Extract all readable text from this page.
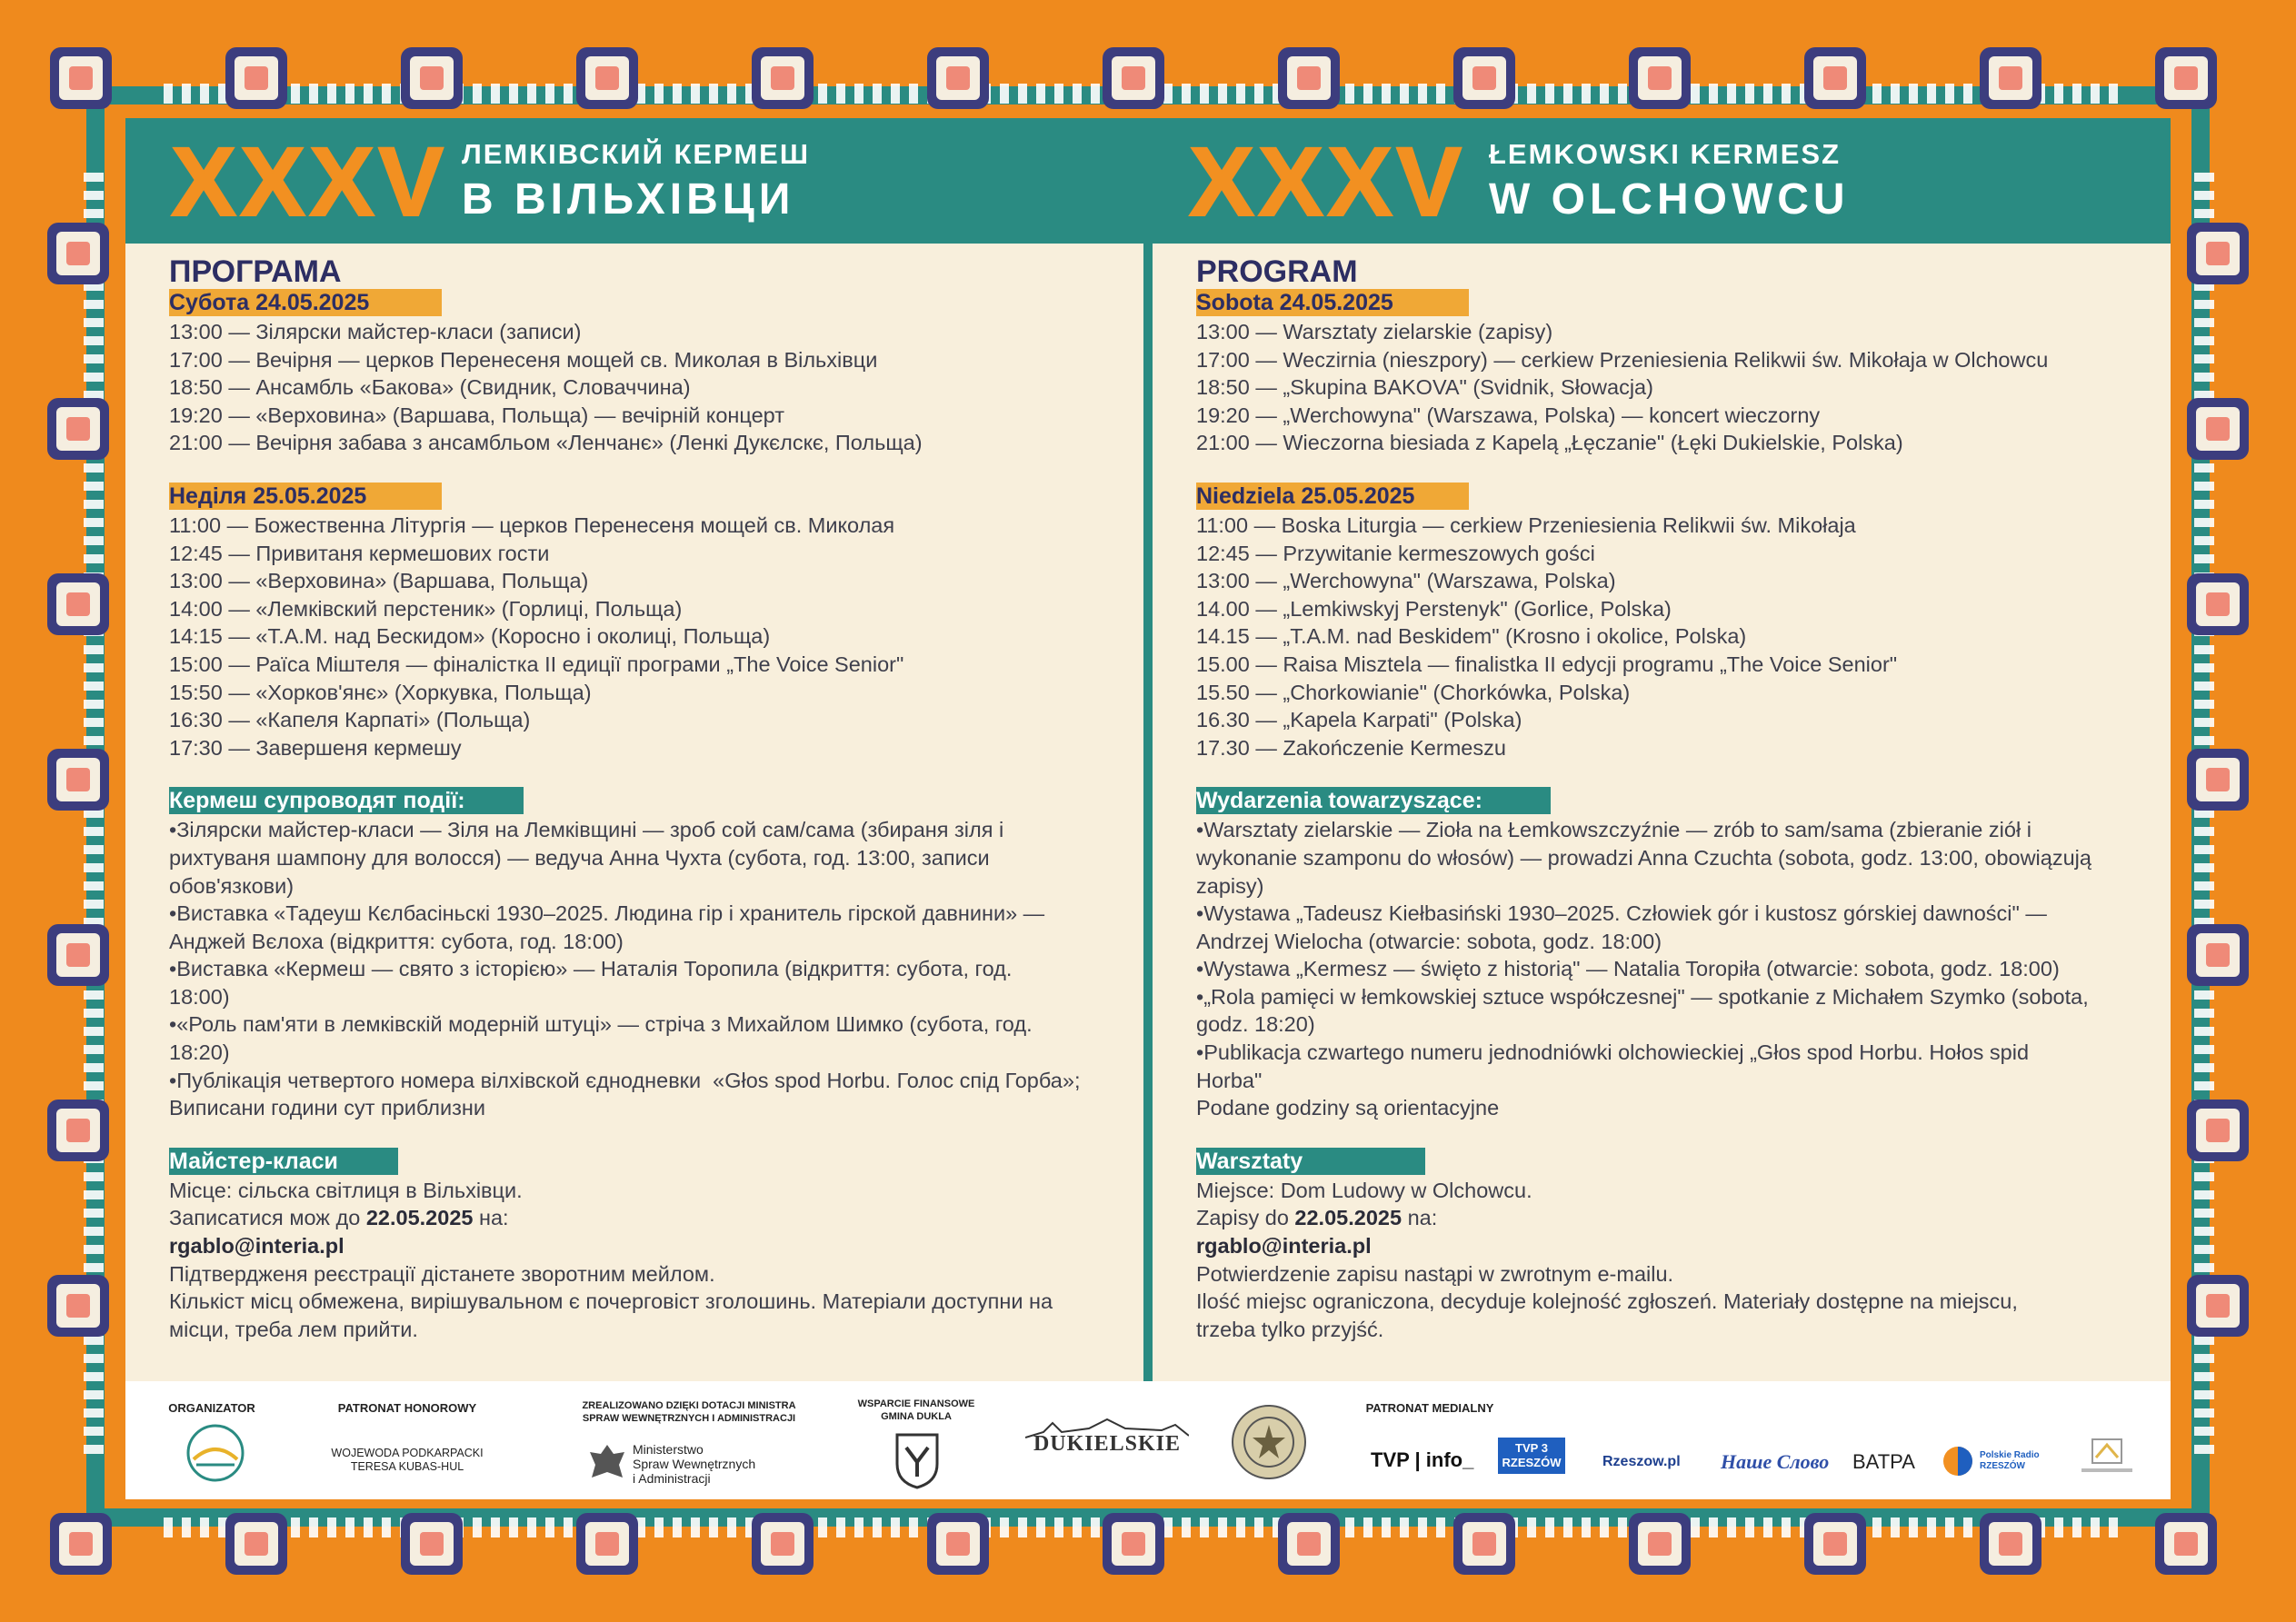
XXXV ЛЕМКІВСКИЙ КЕРМЕШ
В ВІЛЬХІВЦИ	XXXV ŁEMKOWSKI KERMESZ
W OLCHOWCU

ПРОГРАМА

Субота 24.05.2025

13:00 — Зілярски майстер-класи (записи)

17:00 — Вечірня — церков Перенесеня мощей св. Миколая в Вільхівци

18:50 — Ансамбль «Бакова» (Свидник, Словаччина)

19:20 — «Верховина» (Варшава, Польща) — вечірній концерт

21:00 — Вечірня забава з ансамбльом «Ленчанє» (Ленкі Дукєлскє, Польща)

Неділя 25.05.2025

11:00 — Божественна Літургія — церков Перенесеня мощей св. Миколая

12:45 — Привитаня кермешових гости

13:00 — «Верховина» (Варшава, Польща)

14:00 — «Лемківский перстеник» (Горлиці, Польща)

14:15 — «Т.А.М. над Бескидом» (Коросно і околиці, Польща)

15:00 — Раїса Міштеля — фіналістка II едиції програми „The Voice Senior"

15:50 — «Хорков'янє» (Хоркувка, Польща)

16:30 — «Капеля Карпаті» (Польща)

17:30 — Завершеня кермешу

Кермеш супроводят події:

•Зілярски майстер-класи — Зіля на Лемківщині — зроб сой сам/сама (збираня зіля і

рихтуваня шампону для волосся) — ведуча Анна Чухта (субота, год. 13:00, записи

обов'язкови)

•Виставка «Тадеуш Кєлбасіньскі 1930–2025. Людина гір і хранитель гірской давнини» —

Анджей Вєлоха (відкриття: субота, год. 18:00)

•Виставка «Кермеш — свято з історією» — Наталія Торопила (відкриття: субота, год.

18:00)

•«Роль пам'яти в лемківскій модерній штуці» — стріча з Михайлом Шимко (субота, год.

18:20)

•Публікація четвертого номера вілхівской єднодневки  «Głos spod Horbu. Голос спід Горба»;

Виписани години сут приблизни

Майстер-класи

Місце: сільска світлиця в Вільхівци.

Записатися мож до 22.05.2025 на:

rgablo@interia.pl

Підтвердженя реєстрації дістанете зворотним мейлом.

Кількіст місц обмежена, вирішувальном є почерговіст зголошинь. Матеріали доступни на

місци, треба лем прийти.

PROGRAM

Sobota 24.05.2025

13:00 — Warsztaty zielarskie (zapisy)

17:00 — Weczirnia (nieszpory) — cerkiew Przeniesienia Relikwii św. Mikołaja w Olchowcu

18:50 — „Skupina BAKOVA" (Svidnik, Słowacja)

19:20 — „Werchowyna" (Warszawa, Polska) — koncert wieczorny

21:00 — Wieczorna biesiada z Kapelą „Łęczanie" (Łęki Dukielskie, Polska)

Niedziela 25.05.2025

11:00 — Boska Liturgia — cerkiew Przeniesienia Relikwii św. Mikołaja

12:45 — Przywitanie kermeszowych gości

13:00 — „Werchowyna" (Warszawa, Polska)

14.00 — „Lemkiwskyj Perstenyk" (Gorlice, Polska)

14.15 — „T.A.M. nad Beskidem" (Krosno i okolice, Polska)

15.00 — Raisa Misztela — finalistka II edycji programu „The Voice Senior"

15.50 — „Chorkowianie" (Chorkówka, Polska)

16.30 — „Kapela Karpati" (Polska)

17.30 — Zakończenie Kermeszu

Wydarzenia towarzyszące:

•Warsztaty zielarskie — Zioła na Łemkowszczyźnie — zrób to sam/sama (zbieranie ziół i

wykonanie szamponu do włosów) — prowadzi Anna Czuchta (sobota, godz. 13:00, obowiązują

zapisy)

•Wystawa „Tadeusz Kiełbasiński 1930–2025. Człowiek gór i kustosz górskiej dawności" —

Andrzej Wielocha (otwarcie: sobota, godz. 18:00)

•Wystawa „Kermesz — święto z historią" — Natalia Toropiła (otwarcie: sobota, godz. 18:00)

•„Rola pamięci w łemkowskiej sztuce współczesnej" — spotkanie z Michałem Szymko (sobota,

godz. 18:20)

•Publikacja czwartego numeru jednodniówki olchowieckiej „Głos spod Horbu. Hołos spid

Horba"

Podane godziny są orientacyjne

Warsztaty

Miejsce: Dom Ludowy w Olchowcu.

Zapisy do 22.05.2025 na:

rgablo@interia.pl

Potwierdzenie zapisu nastąpi w zwrotnym e-mailu.

Ilość miejsc ograniczona, decyduje kolejność zgłoszeń. Materiały dostępne na miejscu,

trzeba tylko przyjść.

ORGANIZATOR	PATRONAT HONOROWY
WOJEWODA PODKARPACKI
TERESA KUBAS-HUL
ZREALIZOWANO DZIĘKI DOTACJI MINISTRA
SPRAW WEWNĘTRZNYCH I ADMINISTRACJI
Ministerstwo
Spraw Wewnętrznych
i Administracji
WSPARCIE FINANSOWE
GMINA DUKLA
DUKIELSKIE
PATRONAT MEDIALNY
TVP | info_
TVP 3 RZESZÓW	Rzeszow.pl Наше Слово BATPA	Polskie Radio RZESZÓW
